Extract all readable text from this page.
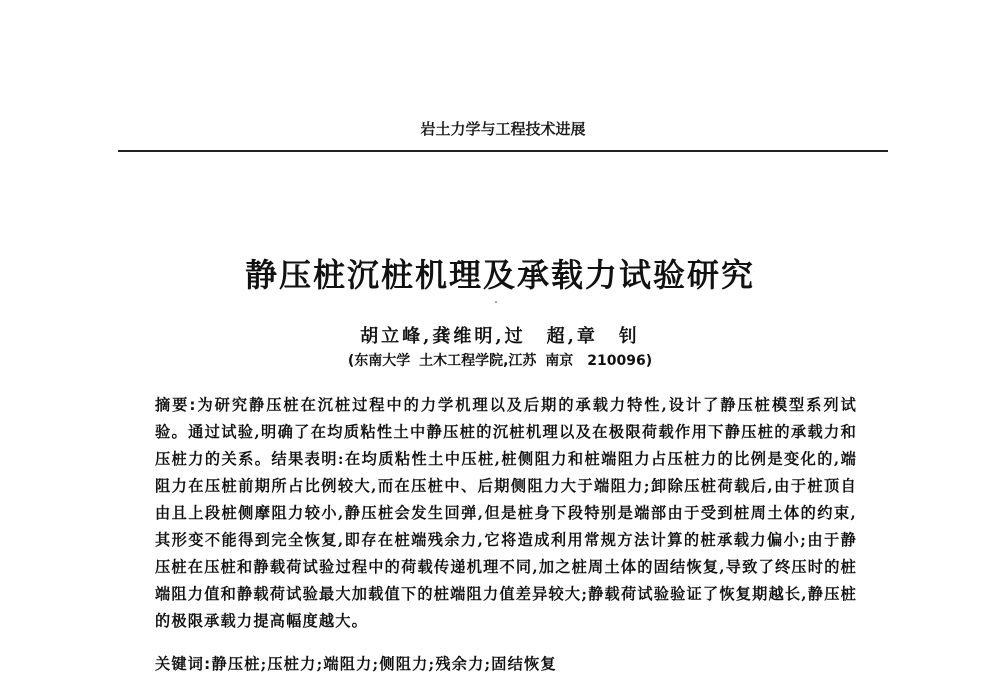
岩土力学与工程技术进展
静压桩沉桩机理及承载力试验研究
胡立峰,龚维明,过　超,章　钊
(东南大学 土木工程学院,江苏 南京　210096)

摘要:为研究静压桩在沉桩过程中的力学机理以及后期的承载力特性,设计了静压桩模型系列试验。通过试验,明确了在均质粘性土中静压桩的沉桩机理以及在极限荷载作用下静压桩的承载力和压桩力的关系。结果表明:在均质粘性土中压桩,桩侧阻力和桩端阻力占压桩力的比例是变化的,端阻力在压桩前期所占比例较大,而在压桩中、后期侧阻力大于端阻力;卸除压桩荷载后,由于桩顶自由且上段桩侧摩阻力较小,静压桩会发生回弹,但是桩身下段特别是端部由于受到桩周土体的约束,其形变不能得到完全恢复,即存在桩端残余力,它将造成利用常规方法计算的桩承载力偏小;由于静压桩在压桩和静载荷试验过程中的荷载传递机理不同,加之桩周土体的固结恢复,导致了终压时的桩端阻力值和静载荷试验最大加载值下的桩端阻力值差异较大;静载荷试验验证了恢复期越长,静压桩的极限承载力提高幅度越大。

关键词:静压桩;压桩力;端阻力;侧阻力;残余力;固结恢复
